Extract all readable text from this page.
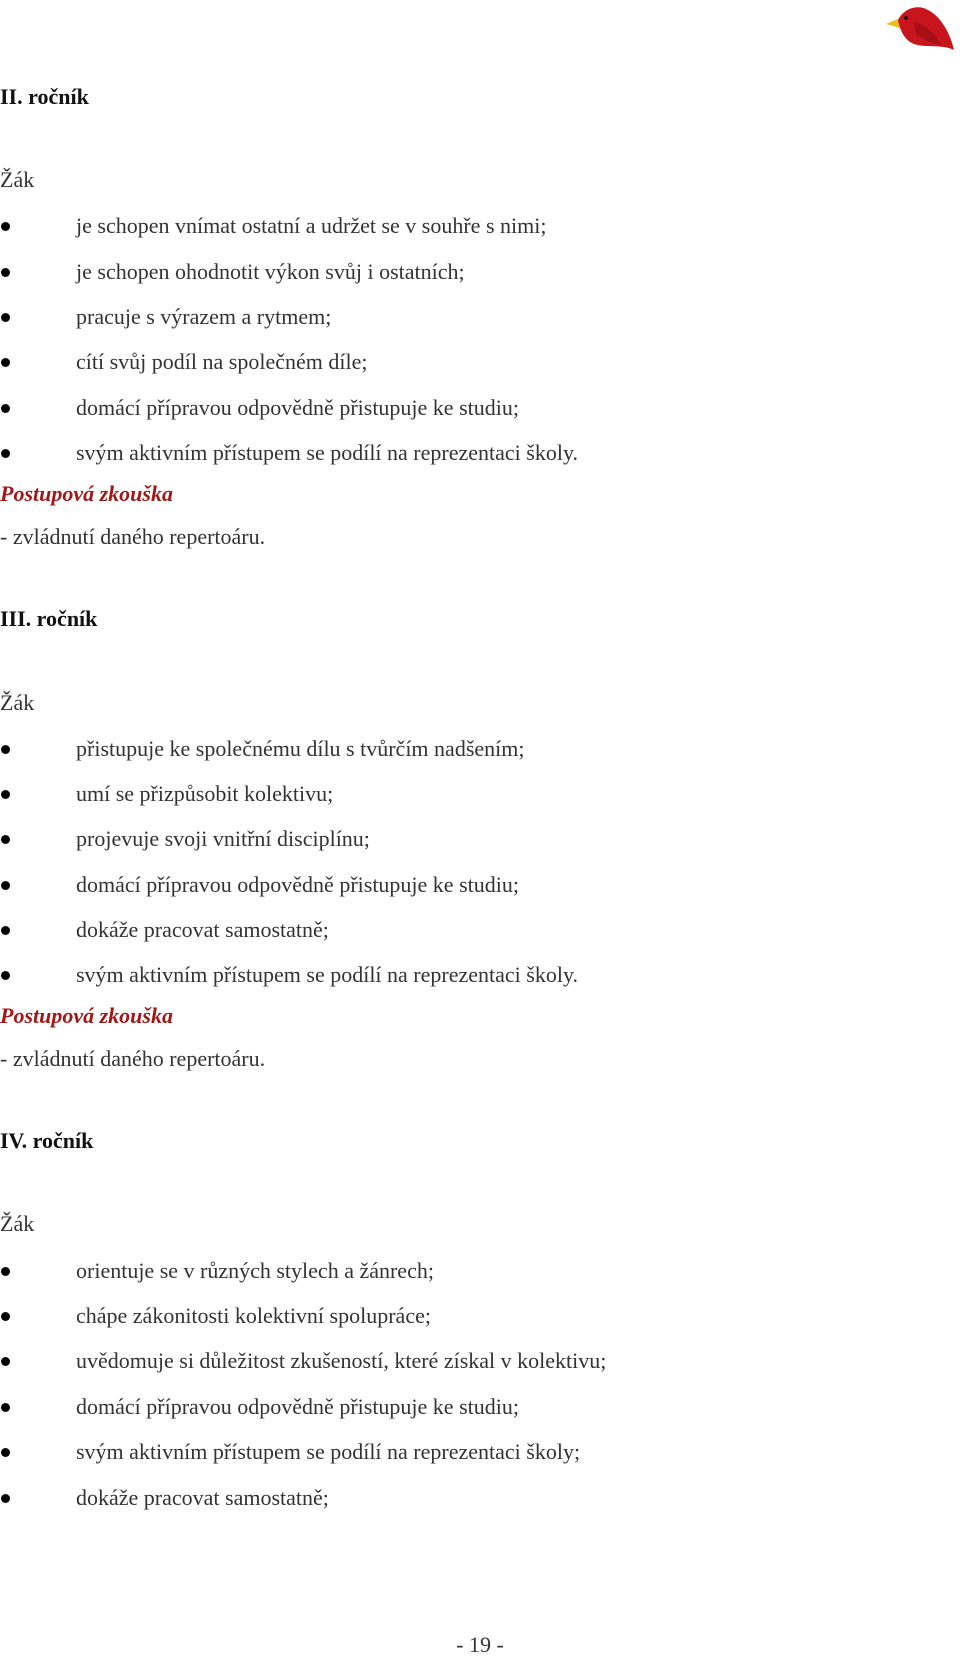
II. ročník
Žák
je schopen vnímat ostatní a udržet se v souhře s nimi;
je schopen ohodnotit výkon svůj i ostatních;
pracuje s výrazem a rytmem;
cítí svůj podíl na společném díle;
domácí přípravou odpovědně přistupuje ke studiu;
svým aktivním přístupem se podílí na reprezentaci školy.
Postupová zkouška
- zvládnutí daného repertoáru.
III. ročník
Žák
přistupuje ke společnému dílu s tvůrčím nadšením;
umí se přizpůsobit kolektivu;
projevuje svoji vnitřní disciplínu;
domácí přípravou odpovědně přistupuje ke studiu;
dokáže pracovat samostatně;
svým aktivním přístupem se podílí na reprezentaci školy.
Postupová zkouška
- zvládnutí daného repertoáru.
IV. ročník
Žák
orientuje se v různých stylech a žánrech;
chápe zákonitosti kolektivní spolupráce;
uvědomuje si důležitost zkušeností, které získal v kolektivu;
domácí přípravou odpovědně přistupuje ke studiu;
svým aktivním přístupem se podílí na reprezentaci školy;
dokáže pracovat samostatně;
- 19 -
